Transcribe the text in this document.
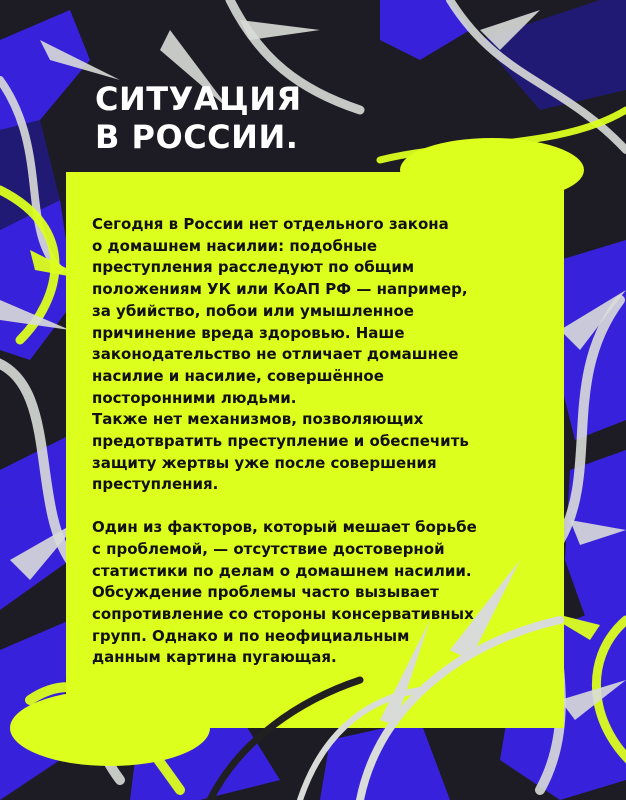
СИТУАЦИЯ
В РОССИИ.

Сегодня в России нет отдельного закона
о домашнем насилии: подобные
преступления расследуют по общим
положениям УК или КоАП РФ — например,
за убийство, побои или умышленное
причинение вреда здоровью. Наше
законодательство не отличает домашнее
насилие и насилие, совершённое
посторонними людьми.
Также нет механизмов, позволяющих
предотвратить преступление и обеспечить
защиту жертвы уже после совершения
преступления.

Один из факторов, который мешает борьбе
с проблемой, — отсутствие достоверной
статистики по делам о домашнем насилии.
Обсуждение проблемы часто вызывает
сопротивление со стороны консервативных
групп. Однако и по неофициальным
данным картина пугающая.
